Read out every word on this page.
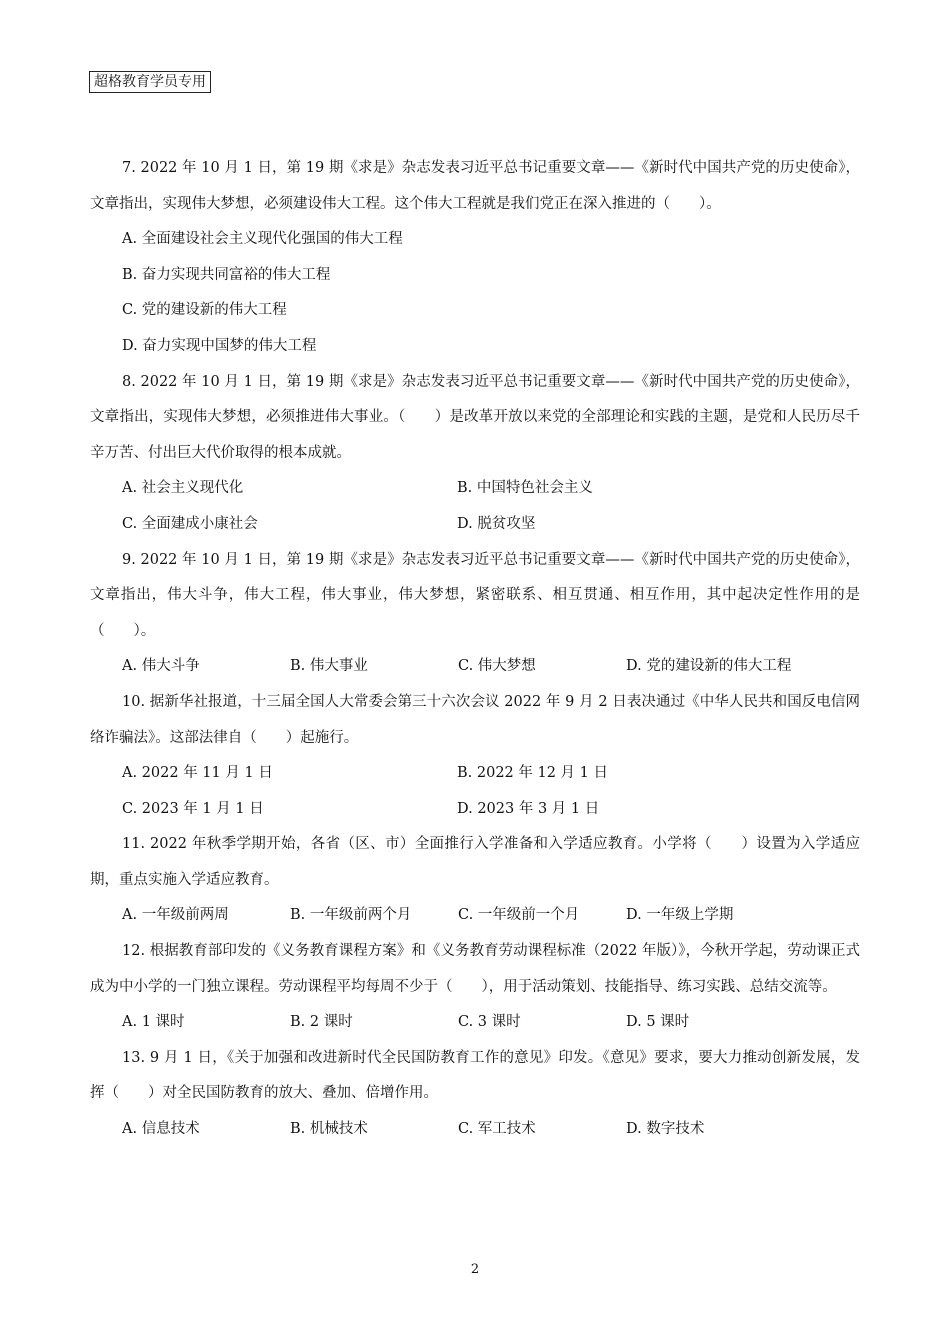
超格教育学员专用

7. 2022 年 10 月 1 日，第 19 期《求是》杂志发表习近平总书记重要文章——《新时代中国共产党的历史使命》，文章指出，实现伟大梦想，必须建设伟大工程。这个伟大工程就是我们党正在深入推进的（　　）。

A. 全面建设社会主义现代化强国的伟大工程
B. 奋力实现共同富裕的伟大工程
C. 党的建设新的伟大工程
D. 奋力实现中国梦的伟大工程

8. 2022 年 10 月 1 日，第 19 期《求是》杂志发表习近平总书记重要文章——《新时代中国共产党的历史使命》，文章指出，实现伟大梦想，必须推进伟大事业。（　　）是改革开放以来党的全部理论和实践的主题，是党和人民历尽千辛万苦、付出巨大代价取得的根本成就。

A. 社会主义现代化	B. 中国特色社会主义
C. 全面建成小康社会	D. 脱贫攻坚

9. 2022 年 10 月 1 日，第 19 期《求是》杂志发表习近平总书记重要文章——《新时代中国共产党的历史使命》，文章指出，伟大斗争，伟大工程，伟大事业，伟大梦想，紧密联系、相互贯通、相互作用，其中起决定性作用的是（　　）。

A. 伟大斗争	B. 伟大事业	C. 伟大梦想	D. 党的建设新的伟大工程

10. 据新华社报道，十三届全国人大常委会第三十六次会议 2022 年 9 月 2 日表决通过《中华人民共和国反电信网络诈骗法》。这部法律自（　　）起施行。

A. 2022 年 11 月 1 日	B. 2022 年 12 月 1 日
C. 2023 年 1 月 1 日	D. 2023 年 3 月 1 日

11. 2022 年秋季学期开始，各省（区、市）全面推行入学准备和入学适应教育。小学将（　　）设置为入学适应期，重点实施入学适应教育。

A. 一年级前两周	B. 一年级前两个月	C. 一年级前一个月	D. 一年级上学期

12. 根据教育部印发的《义务教育课程方案》和《义务教育劳动课程标准（2022 年版）》，今秋开学起，劳动课正式成为中小学的一门独立课程。劳动课程平均每周不少于（　　），用于活动策划、技能指导、练习实践、总结交流等。

A. 1 课时	B. 2 课时	C. 3 课时	D. 5 课时

13. 9 月 1 日，《关于加强和改进新时代全民国防教育工作的意见》印发。《意见》要求，要大力推动创新发展，发挥（　　）对全民国防教育的放大、叠加、倍增作用。

A. 信息技术	B. 机械技术	C. 军工技术	D. 数字技术
2
